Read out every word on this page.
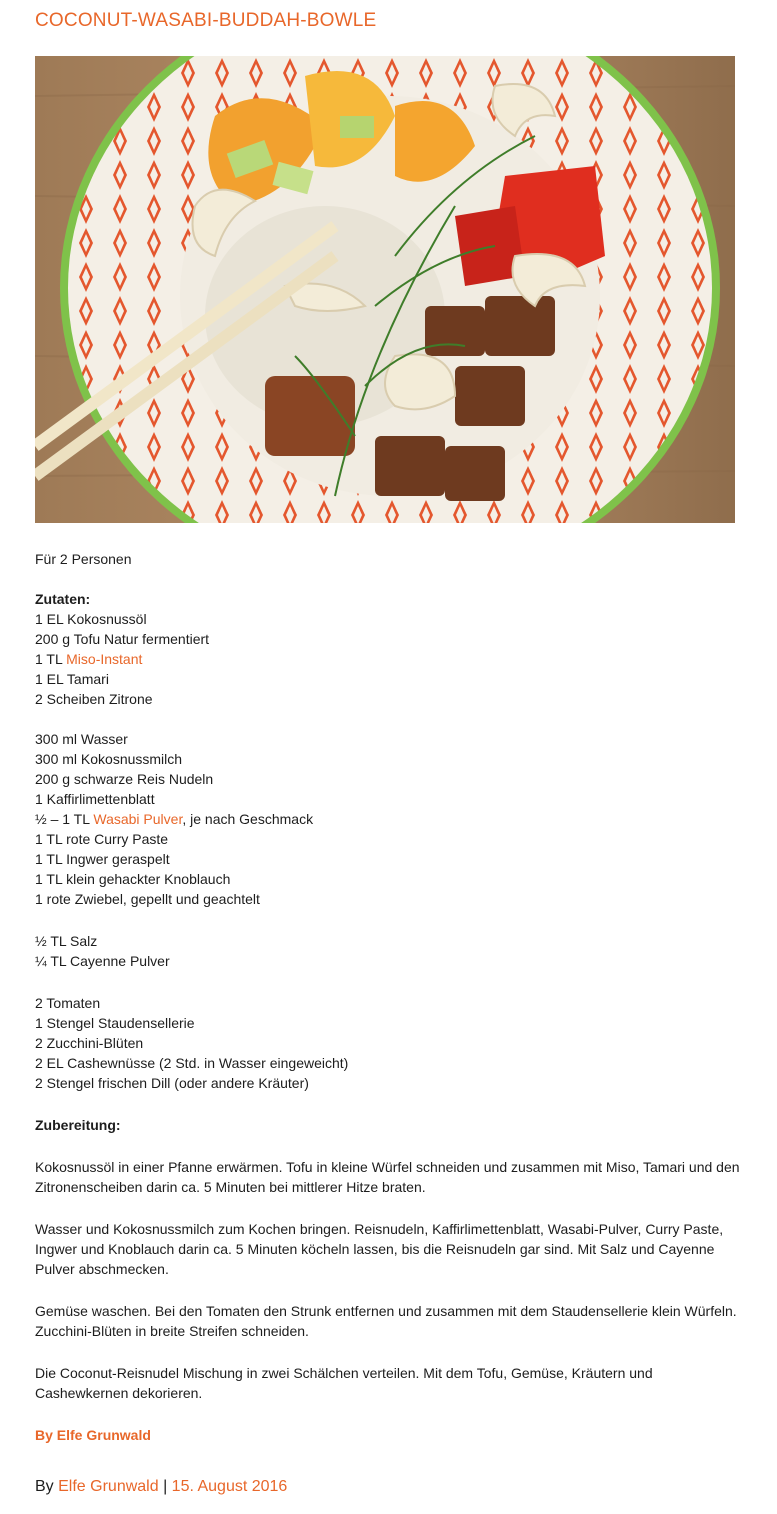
COCONUT-WASABI-BUDDAH-BOWLE
Für 2 Personen
Zutaten:
1 EL Kokosnussöl
200 g Tofu Natur fermentiert
1 TL Miso-Instant
1 EL Tamari
2 Scheiben Zitrone
300 ml Wasser
300 ml Kokosnussmilch
200 g schwarze Reis Nudeln
1 Kaffirlimettenblatt
½ – 1 TL Wasabi Pulver, je nach Geschmack
1 TL rote Curry Paste
1 TL Ingwer geraspelt
1 TL klein gehackter Knoblauch
1 rote Zwiebel, gepellt und geachtelt
½ TL Salz
¼ TL Cayenne Pulver
2 Tomaten
1 Stengel Staudensellerie
2 Zucchini-Blüten
2 EL Cashewnüsse (2 Std. in Wasser eingeweicht)
2 Stengel frischen Dill (oder andere Kräuter)
Zubereitung:

Kokosnussöl in einer Pfanne erwärmen. Tofu in kleine Würfel schneiden und zusammen mit Miso, Tamari und den Zitronenscheiben darin ca. 5 Minuten bei mittlerer Hitze braten.

Wasser und Kokosnussmilch zum Kochen bringen. Reisnudeln, Kaffirlimettenblatt, Wasabi-Pulver, Curry Paste, Ingwer und Knoblauch darin ca. 5 Minuten köcheln lassen, bis die Reisnudeln gar sind. Mit Salz und Cayenne Pulver abschmecken.

Gemüse waschen. Bei den Tomaten den Strunk entfernen und zusammen mit dem Staudensellerie klein Würfeln. Zucchini-Blüten in breite Streifen schneiden.

Die Coconut-Reisnudel Mischung in zwei Schälchen verteilen. Mit dem Tofu, Gemüse, Kräutern und Cashewkernen dekorieren.

By Elfe Grunwald
By Elfe Grunwald | 15. August 2016
